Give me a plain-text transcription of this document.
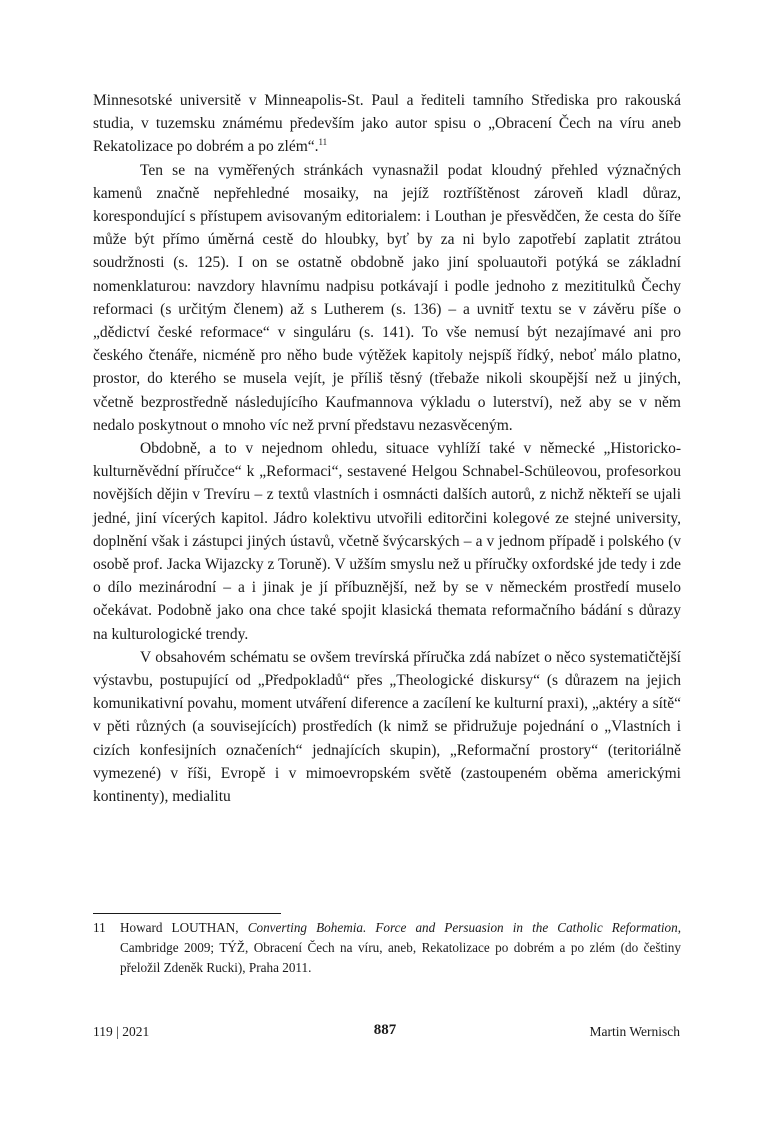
Minnesotské universitě v Minneapolis-St. Paul a řediteli tamního Střediska pro rakouská studia, v tuzemsku známému především jako autor spisu o „Obracení Čech na víru aneb Rekatolizace po dobrém a po zlém“.$^{11}$

Ten se na vyměřených stránkách vynasnažil podat kloudný přehled význačných kamenů značně nepřehledné mosaiky, na jejíž roztříštěnost zároveň kladl důraz, korespondující s přístupem avisovaným editorialem: i Louthan je přesvědčen, že cesta do šíře může být přímo úměrná cestě do hloubky, byť by za ni bylo zapotřebí zaplatit ztrátou soudržnosti (s. 125). I on se ostatně obdobně jako jiní spoluautoři potýká se základní nomenklaturou: navzdory hlavnímu nadpisu potkávají i podle jednoho z mezititulků Čechy reformaci (s určitým členem) až s Lutherem (s. 136) – a uvnitř textu se v závěru píše o „dědictví české reformace“ v singuláru (s. 141). To vše nemusí být nezajímavé ani pro českého čtenáře, nicméně pro něho bude výtěžek kapitoly nejspíš řídký, neboť málo platno, prostor, do kterého se musela vejít, je příliš těsný (třebaže nikoli skoupější než u jiných, včetně bezprostředně následujícího Kaufmannova výkladu o luterství), než aby se v něm nedalo poskytnout o mnoho víc než první představu nezasvěceným.

Obdobně, a to v nejednom ohledu, situace vyhlíží také v německé „Historicko-kulturněvědní příručce“ k „Reformaci“, sestavené Helgou Schnabel-Schüleovou, profesorkou novějších dějin v Trevíru – z textů vlastních i osmnácti dalších autorů, z nichž někteří se ujali jedné, jiní vícerých kapitol. Jádro kolektivu utvořili editorčini kolegové ze stejné university, doplnění však i zástupci jiných ústavů, včetně švýcarských – a v jednom případě i polského (v osobě prof. Jacka Wijazcky z Toruně). V užším smyslu než u příručky oxfordské jde tedy i zde o dílo mezinárodní – a i jinak je jí příbuznější, než by se v německém prostředí muselo očekávat. Podobně jako ona chce také spojit klasická themata reformačního bádání s důrazy na kulturologické trendy.

V obsahovém schématu se ovšem trevírská příručka zdá nabízet o něco systematičtější výstavbu, postupující od „Předpokladů“ přes „Theologické diskursy“ (s důrazem na jejich komunikativní povahu, moment utváření diference a zacílení ke kulturní praxi), „aktéry a sítě“ v pěti různých (a souvisejících) prostředích (k nimž se přidružuje pojednání o „Vlastních i cizích konfesijních označeních“ jednajících skupin), „Reformační prostory“ (teritoriálně vymezené) v říši, Evropě i v mimoevropském světě (zastoupeném oběma americkými kontinenty), medialitu

11	Howard LOUTHAN, Converting Bohemia. Force and Persuasion in the Catholic Reformation, Cambridge 2009; TÝŽ, Obracení Čech na víru, aneb, Rekatolizace po dobrém a po zlém (do češtiny přeložil Zdeněk Rucki), Praha 2011.
119 | 2021	887	Martin Wernisch
